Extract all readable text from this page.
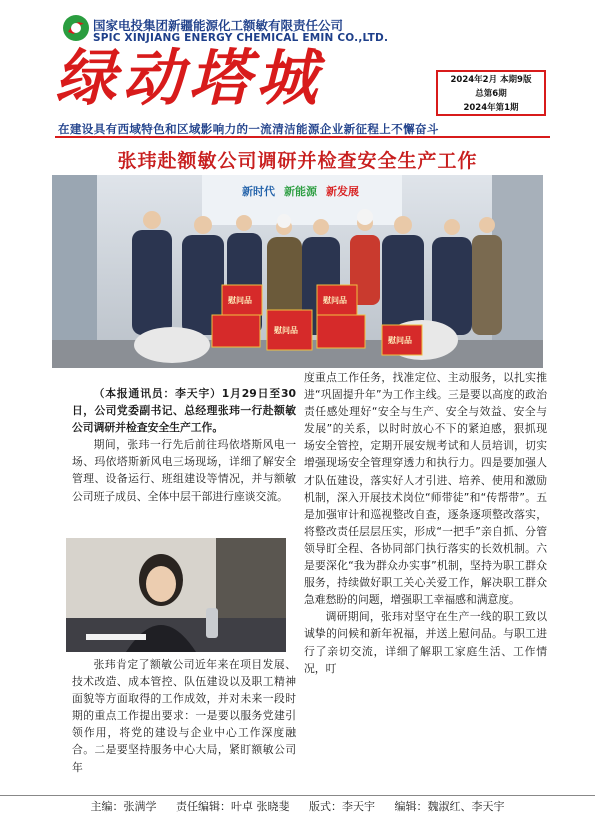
国家电投集团新疆能源化工额敏有限责任公司
SPIC XINJIANG ENERGY CHEMICAL EMIN CO.,LTD.
绿动塔城	2024年2月 本期9版
总第6期
2024年第1期
在建设具有西域特色和区域影响力的一流清洁能源企业新征程上不懈奋斗
张玮赴额敏公司调研并检查安全生产工作
新时代 新能源 新发展
慰问品
慰问品
慰问品
慰问品

（本报通讯员：李天宇）1月29日至30日，公司党委副书记、总经理张玮一行赴额敏公司调研并检查安全生产工作。

期间，张玮一行先后前往玛依塔斯风电一场、玛依塔斯新风电三场现场，详细了解安全管理、设备运行、班组建设等情况，并与额敏公司班子成员、全体中层干部进行座谈交流。

张玮肯定了额敏公司近年来在项目发展、技术改造、成本管控、队伍建设以及职工精神面貌等方面取得的工作成效，并对未来一段时期的重点工作提出要求：一是要以服务党建引领作用，将党的建设与企业中心工作深度融合。二是要坚持服务中心大局，紧盯额敏公司年

度重点工作任务，找准定位、主动服务，以扎实推进“巩固提升年”为工作主线。三是要以高度的政治责任感处理好“安全与生产、安全与效益、安全与发展”的关系，以时时放心不下的紧迫感，狠抓现场安全管控，定期开展安规考试和人员培训，切实增强现场安全管理穿透力和执行力。四是要加强人才队伍建设，落实好人才引进、培养、使用和激励机制，深入开展技术岗位“师带徒”和“传帮带”。五是加强审计和巡视整改自查，逐条逐项整改落实，将整改责任层层压实，形成“一把手”亲自抓、分管领导盯全程、各协同部门执行落实的长效机制。六是要深化“我为群众办实事”机制，坚持为职工群众服务，持续做好职工关心关爱工作，解决职工群众急难愁盼的问题，增强职工幸福感和满意度。

调研期间，张玮对坚守在生产一线的职工致以诚挚的问候和新年祝福，并送上慰问品。与职工进行了亲切交流，详细了解职工家庭生活、工作情况，叮

主编：张满学 责任编辑：叶卓 张晓斐 版式：李天宇 编辑：魏淑红、李天宇
